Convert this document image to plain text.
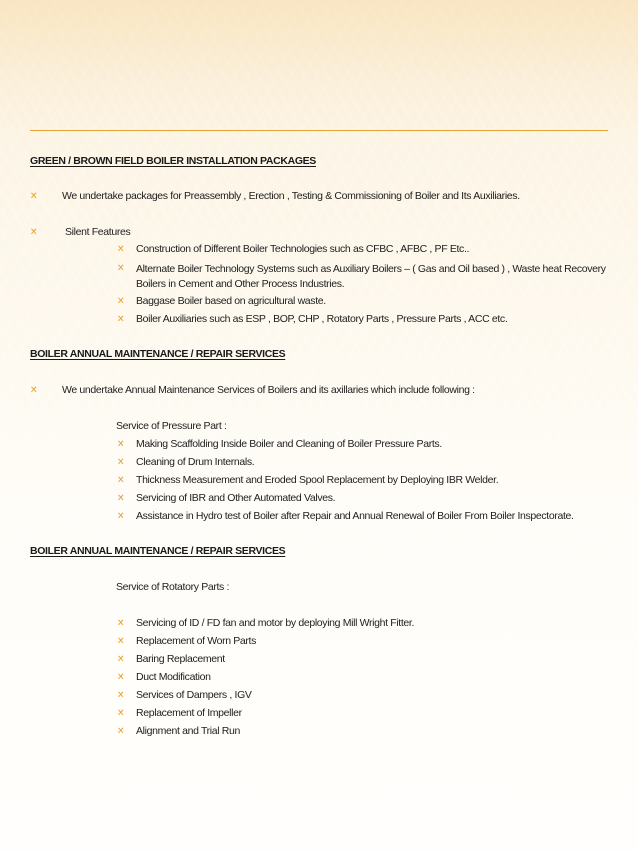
GREEN / BROWN FIELD BOILER INSTALLATION PACKAGES
✕ We undertake packages for Preassembly , Erection , Testing & Commissioning of Boiler and Its Auxiliaries.
✕	Silent Features
✕ Construction of Different Boiler Technologies such as CFBC , AFBC , PF Etc..
✕ Alternate Boiler Technology Systems such as Auxiliary Boilers – ( Gas and Oil based ) , Waste heat Recovery Boilers in Cement and Other Process Industries.
✕ Baggase Boiler based on agricultural waste.
✕ Boiler Auxiliaries such as ESP , BOP, CHP , Rotatory Parts , Pressure Parts , ACC etc.
BOILER ANNUAL MAINTENANCE / REPAIR SERVICES
✕ We undertake Annual Maintenance Services of Boilers and its axillaries which include following :
Service of Pressure Part :
✕ Making Scaffolding Inside Boiler and Cleaning of Boiler Pressure Parts.
✕ Cleaning of Drum Internals.
✕ Thickness Measurement and Eroded Spool Replacement by Deploying IBR Welder.
✕ Servicing of IBR and Other Automated Valves.
✕ Assistance in Hydro test of Boiler after Repair and Annual Renewal of Boiler From Boiler Inspectorate.
BOILER ANNUAL MAINTENANCE / REPAIR SERVICES
Service of Rotatory Parts :
✕ Servicing of ID / FD fan and motor by deploying Mill Wright Fitter.
✕ Replacement of Worn Parts
✕ Baring Replacement
✕ Duct Modification
✕ Services of Dampers , IGV
✕ Replacement of Impeller
✕ Alignment and Trial Run
